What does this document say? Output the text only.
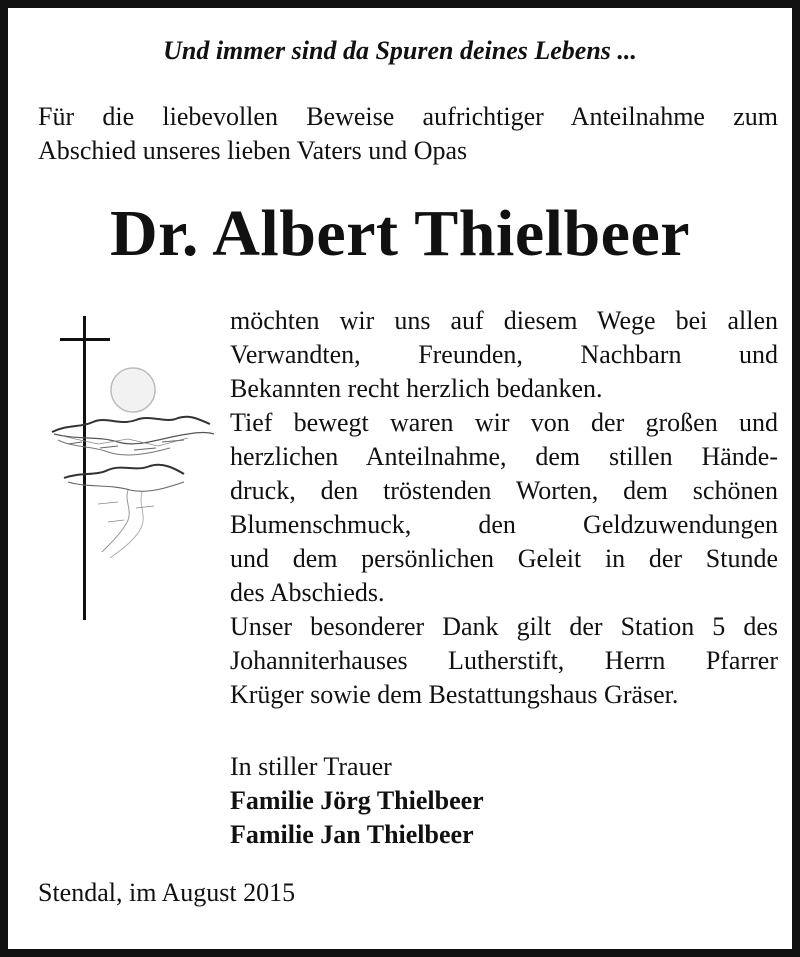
Und immer sind da Spuren deines Lebens ...
Für die liebevollen Beweise aufrichtiger Anteilnahme zum
Abschied unseres lieben Vaters und Opas
Dr. Albert Thielbeer
möchten wir uns auf diesem Wege bei allen
Verwandten, Freunden, Nachbarn und
Bekannten recht herzlich bedanken.
Tief bewegt waren wir von der großen und
herzlichen Anteilnahme, dem stillen Hände-
druck, den tröstenden Worten, dem schönen
Blumenschmuck, den Geldzuwendungen
und dem persönlichen Geleit in der Stunde
des Abschieds.
Unser besonderer Dank gilt der Station 5 des
Johanniterhauses Lutherstift, Herrn Pfarrer
Krüger sowie dem Bestattungshaus Gräser.
In stiller Trauer
Familie Jörg Thielbeer
Familie Jan Thielbeer
Stendal, im August 2015
